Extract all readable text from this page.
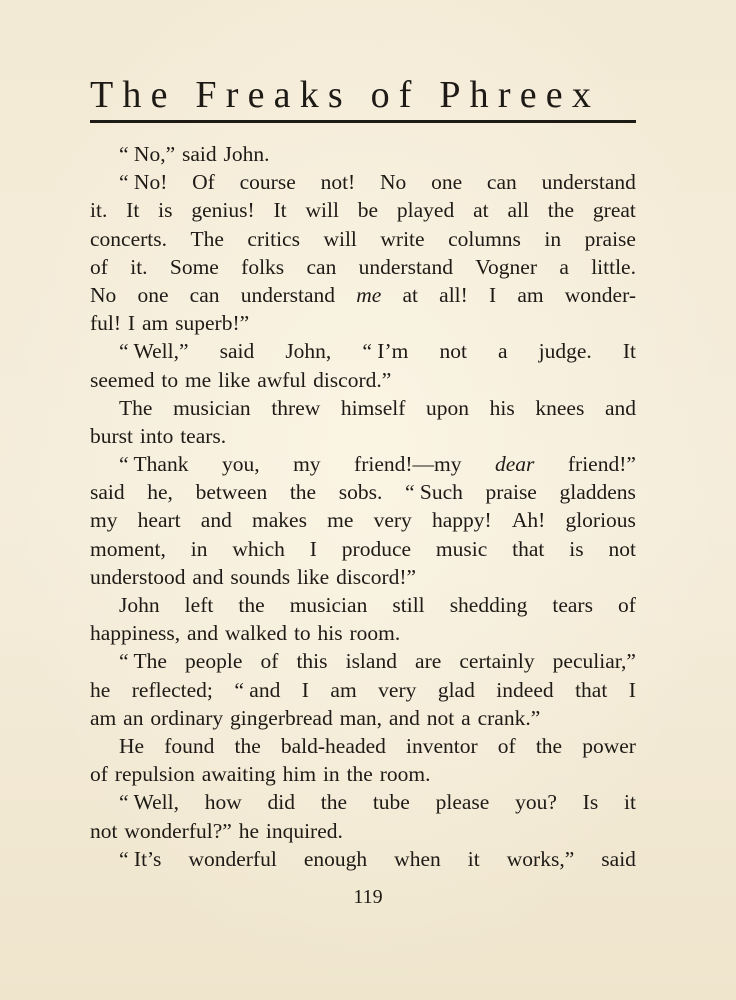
The Freaks of Phreex
“ No,” said John.
“ No! Of course not! No one can understand
it. It is genius! It will be played at all the great
concerts. The critics will write columns in praise
of it. Some folks can understand Vogner a little.
No one can understand me at all! I am wonder-
ful! I am superb!”
“ Well,” said John, “ I’m not a judge. It
seemed to me like awful discord.”
The musician threw himself upon his knees and
burst into tears.
“ Thank you, my friend!—my dear friend!”
said he, between the sobs. “ Such praise gladdens
my heart and makes me very happy! Ah! glorious
moment, in which I produce music that is not
understood and sounds like discord!”
John left the musician still shedding tears of
happiness, and walked to his room.
“ The people of this island are certainly peculiar,”
he reflected; “ and I am very glad indeed that I
am an ordinary gingerbread man, and not a crank.”
He found the bald-headed inventor of the power
of repulsion awaiting him in the room.
“ Well, how did the tube please you? Is it
not wonderful?” he inquired.
“ It’s wonderful enough when it works,” said
119
